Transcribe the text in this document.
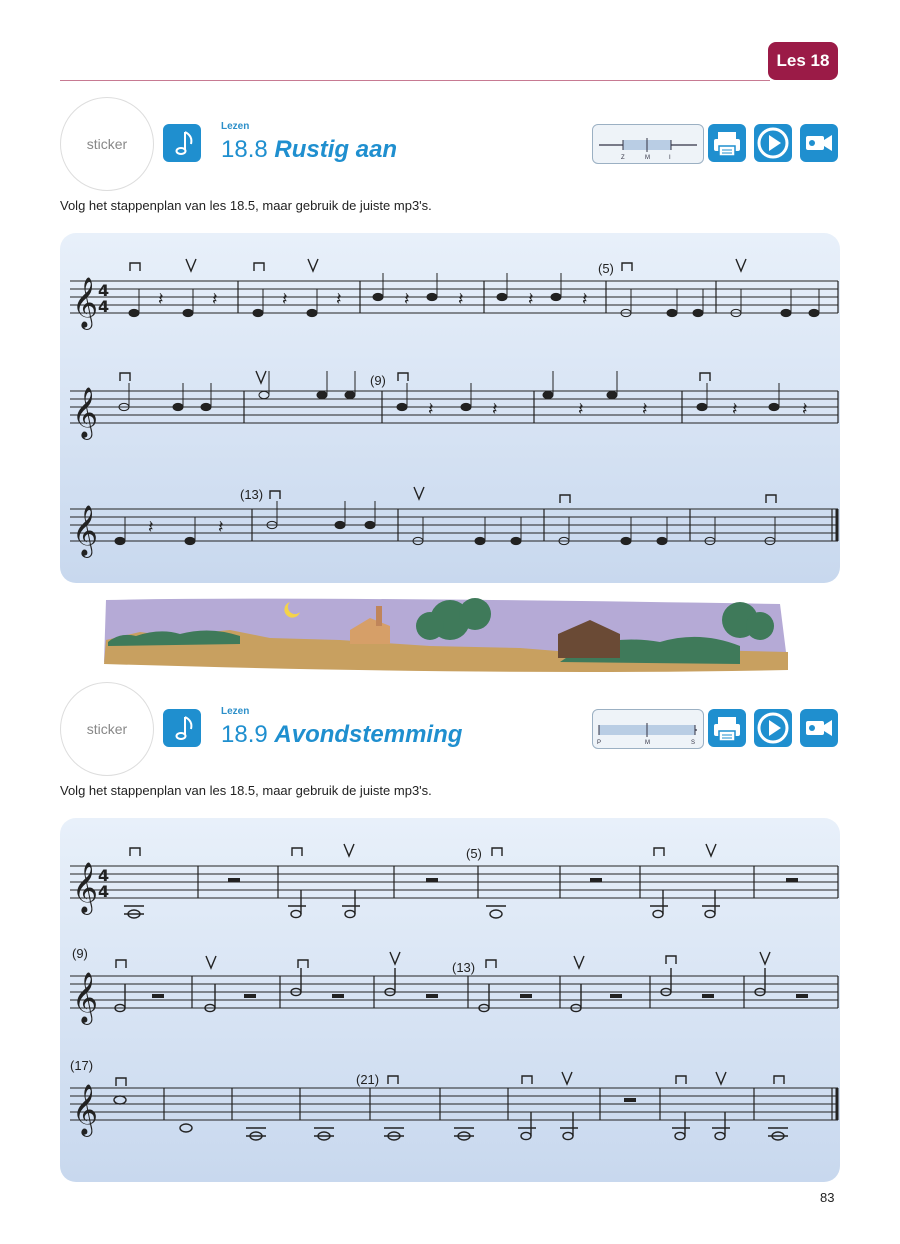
Les 18
sticker
Lezen
18.8 Rustig aan	Z	M	I
Volg het stappenplan van les 18.5, maar gebruik de juiste mp3's.
𝄞
𝄞
𝄞
4
4
(5)
(9)
(13)
𝄽	𝄽	𝄽	𝄽	𝄽	𝄽	𝄽	𝄽
𝄽	𝄽	𝄽	𝄽	𝄽	𝄽
𝄽	𝄽
sticker
Lezen
18.9 Avondstemming	P	M	S
Volg het stappenplan van les 18.5, maar gebruik de juiste mp3's.
𝄞
𝄞
𝄞
4
4
(5)
(9)
(13)
(17)
(21)
83
